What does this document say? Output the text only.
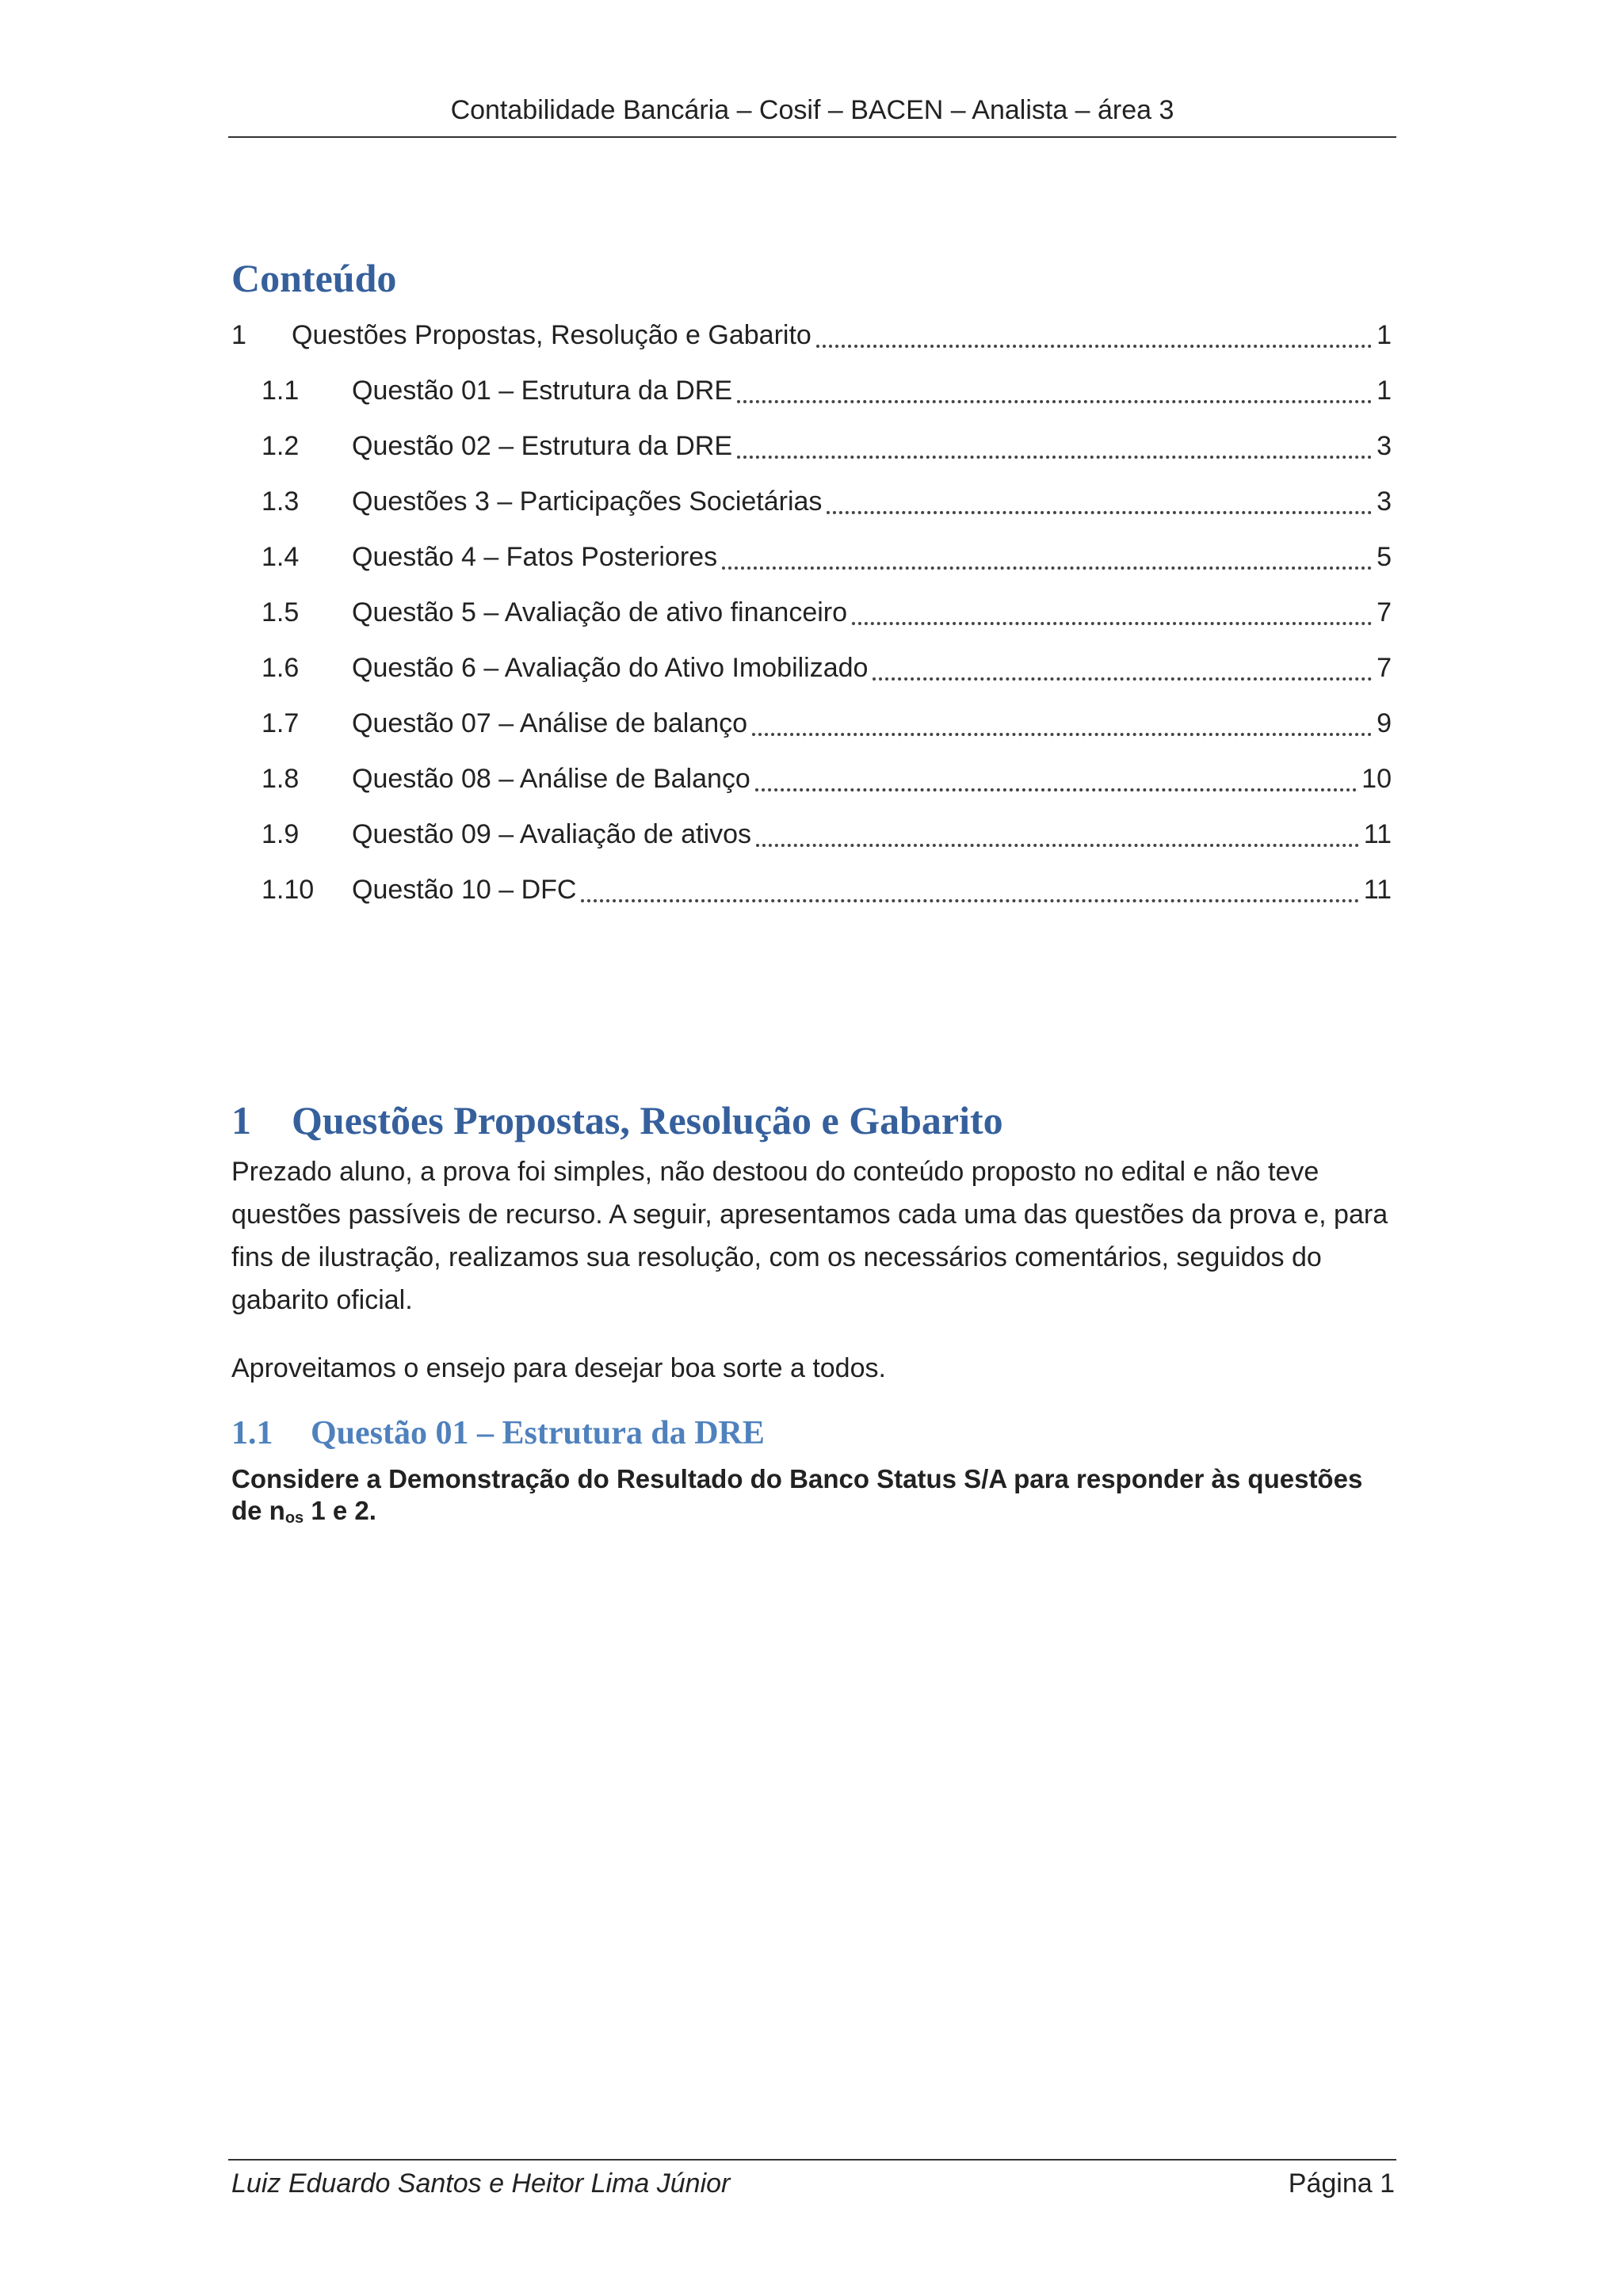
Contabilidade Bancária – Cosif – BACEN – Analista – área 3
Conteúdo
1	Questões Propostas, Resolução e Gabarito	1
1.1	Questão 01 – Estrutura da DRE	1
1.2	Questão 02 – Estrutura da DRE	3
1.3	Questões 3 – Participações Societárias	3
1.4	Questão 4 – Fatos Posteriores	5
1.5	Questão 5 – Avaliação de ativo financeiro	7
1.6	Questão 6 – Avaliação do Ativo Imobilizado	7
1.7	Questão 07 – Análise de balanço	9
1.8	Questão 08 – Análise de Balanço	10
1.9	Questão 09 – Avaliação de ativos	11
1.10	Questão 10 – DFC	11
1	Questões Propostas, Resolução e Gabarito
Prezado aluno, a prova foi simples, não destoou do conteúdo proposto no edital e não teve questões passíveis de recurso. A seguir, apresentamos cada uma das questões da prova e, para fins de ilustração, realizamos sua resolução, com os necessários comentários, seguidos do gabarito oficial.
Aproveitamos o ensejo para desejar boa sorte a todos.
1.1	Questão 01 – Estrutura da DRE
Considere a Demonstração do Resultado do Banco Status S/A para responder às questões de $n_{os}$ 1 e 2.
Luiz Eduardo Santos e Heitor Lima Júnior	Página 1
